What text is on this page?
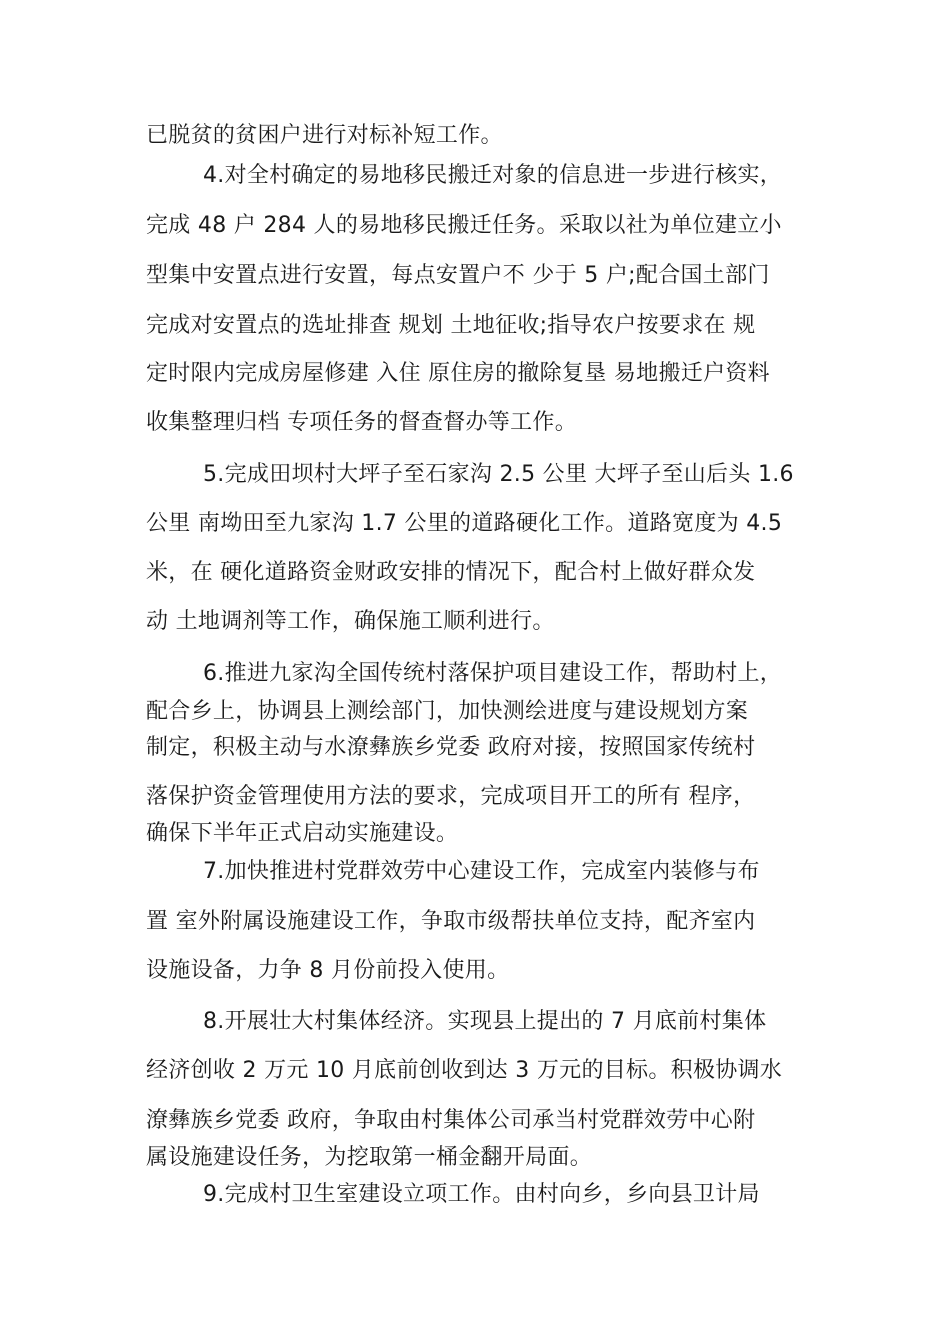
已脱贫的贫困户进行对标补短工作。
4.对全村确定的易地移民搬迁对象的信息进一步进行核实，
完成 48 户 284 人的易地移民搬迁任务。采取以社为单位建立小
型集中安置点进行安置，每点安置户不 少于 5 户;配合国土部门
完成对安置点的选址排查 规划 土地征收;指导农户按要求在 规
定时限内完成房屋修建 入住 原住房的撤除复垦 易地搬迁户资料
收集整理归档 专项任务的督查督办等工作。
5.完成田坝村大坪子至石家沟 2.5 公里 大坪子至山后头 1.6
公里 南坳田至九家沟 1.7 公里的道路硬化工作。道路宽度为 4.5
米，在 硬化道路资金财政安排的情况下，配合村上做好群众发
动 土地调剂等工作，确保施工顺利进行。
6.推进九家沟全国传统村落保护项目建设工作，帮助村上，
配合乡上，协调县上测绘部门，加快测绘进度与建设规划方案
制定，积极主动与水潦彝族乡党委 政府对接，按照国家传统村
落保护资金管理使用方法的要求，完成项目开工的所有 程序，
确保下半年正式启动实施建设。
7.加快推进村党群效劳中心建设工作，完成室内装修与布
置 室外附属设施建设工作，争取市级帮扶单位支持，配齐室内
设施设备，力争 8 月份前投入使用。
8.开展壮大村集体经济。实现县上提出的 7 月底前村集体
经济创收 2 万元 10 月底前创收到达 3 万元的目标。积极协调水
潦彝族乡党委 政府，争取由村集体公司承当村党群效劳中心附
属设施建设任务，为挖取第一桶金翻开局面。
9.完成村卫生室建设立项工作。由村向乡，乡向县卫计局
